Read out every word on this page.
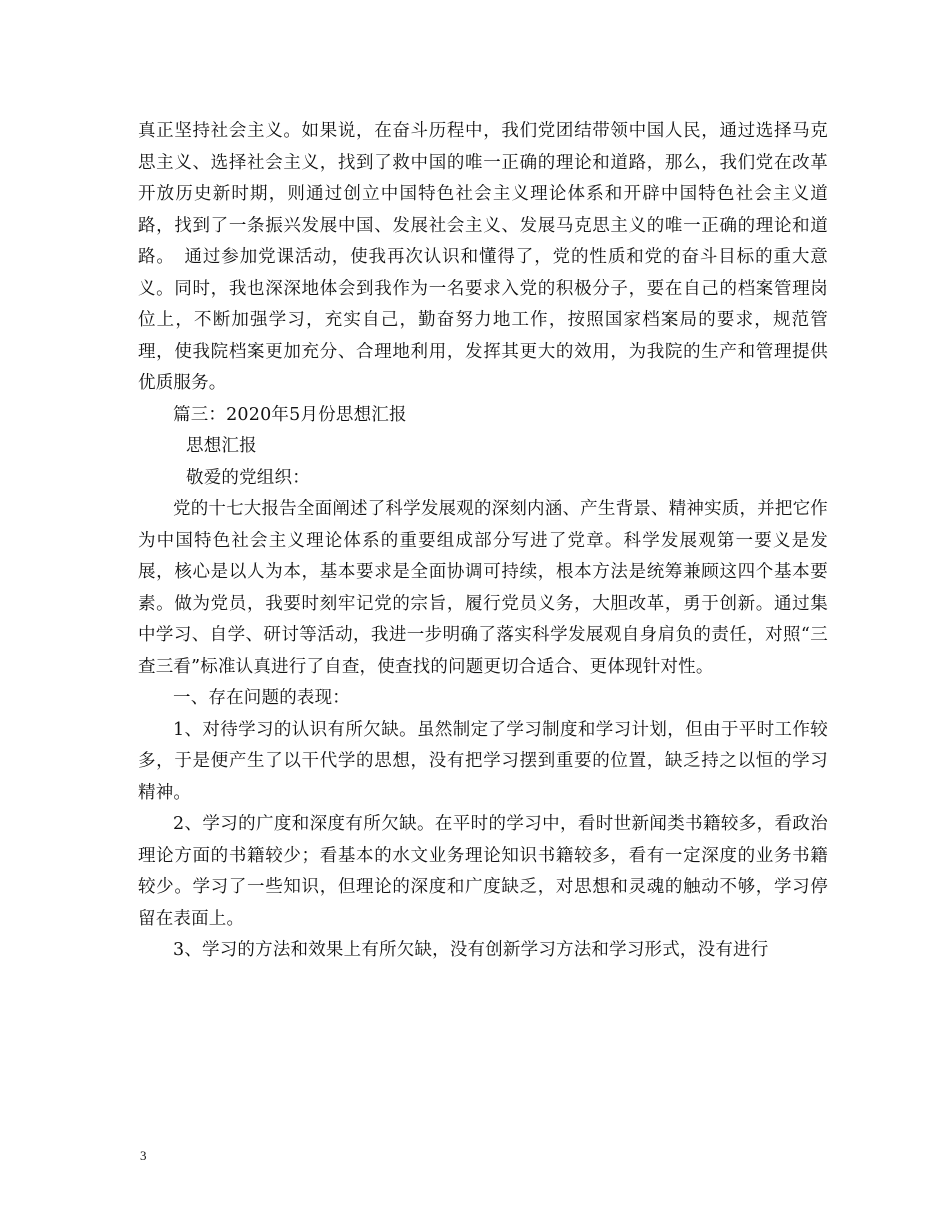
真正坚持社会主义。如果说，在奋斗历程中，我们党团结带领中国人民，通过选择马克思主义、选择社会主义，找到了救中国的唯一正确的理论和道路，那么，我们党在改革开放历史新时期，则通过创立中国特色社会主义理论体系和开辟中国特色社会主义道路，找到了一条振兴发展中国、发展社会主义、发展马克思主义的唯一正确的理论和道路。　通过参加党课活动，使我再次认识和懂得了，党的性质和党的奋斗目标的重大意义。同时，我也深深地体会到我作为一名要求入党的积极分子，要在自己的档案管理岗位上，不断加强学习，充实自己，勤奋努力地工作，按照国家档案局的要求，规范管理，使我院档案更加充分、合理地利用，发挥其更大的效用，为我院的生产和管理提供优质服务。

篇三：2020年5月份思想汇报

思想汇报

敬爱的党组织：

党的十七大报告全面阐述了科学发展观的深刻内涵、产生背景、精神实质，并把它作为中国特色社会主义理论体系的重要组成部分写进了党章。科学发展观第一要义是发展，核心是以人为本，基本要求是全面协调可持续，根本方法是统筹兼顾这四个基本要素。做为党员，我要时刻牢记党的宗旨，履行党员义务，大胆改革，勇于创新。通过集中学习、自学、研讨等活动，我进一步明确了落实科学发展观自身肩负的责任，对照“三查三看”标准认真进行了自查，使查找的问题更切合适合、更体现针对性。

一、存在问题的表现：

1、对待学习的认识有所欠缺。虽然制定了学习制度和学习计划，但由于平时工作较多，于是便产生了以干代学的思想，没有把学习摆到重要的位置，缺乏持之以恒的学习精神。

2、学习的广度和深度有所欠缺。在平时的学习中，看时世新闻类书籍较多，看政治理论方面的书籍较少；看基本的水文业务理论知识书籍较多，看有一定深度的业务书籍较少。学习了一些知识，但理论的深度和广度缺乏，对思想和灵魂的触动不够，学习停留在表面上。

3、学习的方法和效果上有所欠缺，没有创新学习方法和学习形式，没有进行

3
